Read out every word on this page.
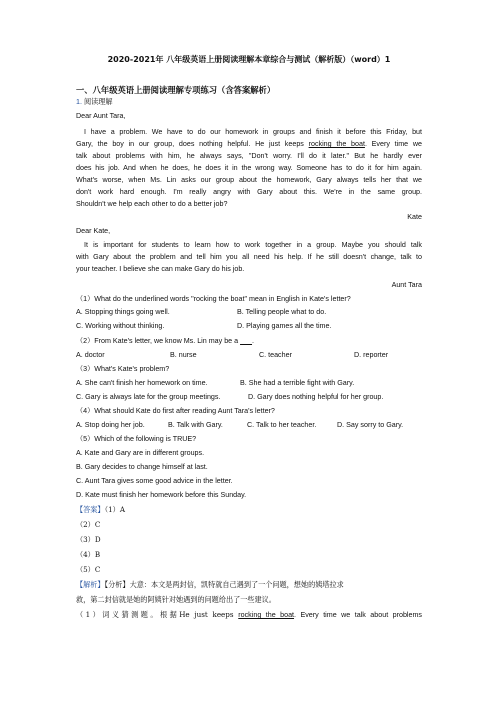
2020-2021年 八年级英语上册阅读理解本章综合与测试（解析版）（word）1
一、八年级英语上册阅读理解专项练习（含答案解析）
1. 阅读理解
Dear Aunt Tara,
I have a problem. We have to do our homework in groups and finish it before this Friday, but
Gary, the boy in our group, does nothing helpful. He just keeps rocking the boat. Every time we
talk about problems with him, he always says, "Don't worry. I'll do it later." But he hardly ever
does his job. And when he does, he does it in the wrong way. Someone has to do it for him again.
What's worse, when Ms. Lin asks our group about the homework, Gary always tells her that we
don't work hard enough. I'm really angry with Gary about this. We're in the same group.
Shouldn't we help each other to do a better job?
Kate
Dear Kate,
It is important for students to learn how to work together in a group. Maybe you should talk
with Gary about the problem and tell him you all need his help. If he still doesn't change, talk to
your teacher. I believe she can make Gary do his job.
Aunt Tara
（1）What do the underlined words "rocking the boat" mean in English in Kate's letter?
A. Stopping things going well.	B. Telling people what to do.
C. Working without thinking.	D. Playing games all the time.
（2）From Kate's letter, we know Ms. Lin may be a ___.
A. doctor	B. nurse	C. teacher	D. reporter
（3）What's Kate's problem?
A. She can't finish her homework on time.	B. She had a terrible fight with Gary.
C. Gary is always late for the group meetings.	D. Gary does nothing helpful for her group.
（4）What should Kate do first after reading Aunt Tara's letter?
A. Stop doing her job.	B. Talk with Gary.	C. Talk to her teacher.	D. Say sorry to Gary.
（5）Which of the following is TRUE?
A. Kate and Gary are in different groups.
B. Gary decides to change himself at last.
C. Aunt Tara gives some good advice in the letter.
D. Kate must finish her homework before this Sunday.
【答案】（1）A
（2）C
（3）D
（4）B
（5）C
【解析】【分析】大意：本文是两封信，凯特就自己遇到了一个问题，想她的姨塔拉求
救，第二封信就是她的阿姨针对她遇到的问题给出了一些建议。
（1）词义猜测题。根据He just keeps rocking the boat. Every time we talk about problems
